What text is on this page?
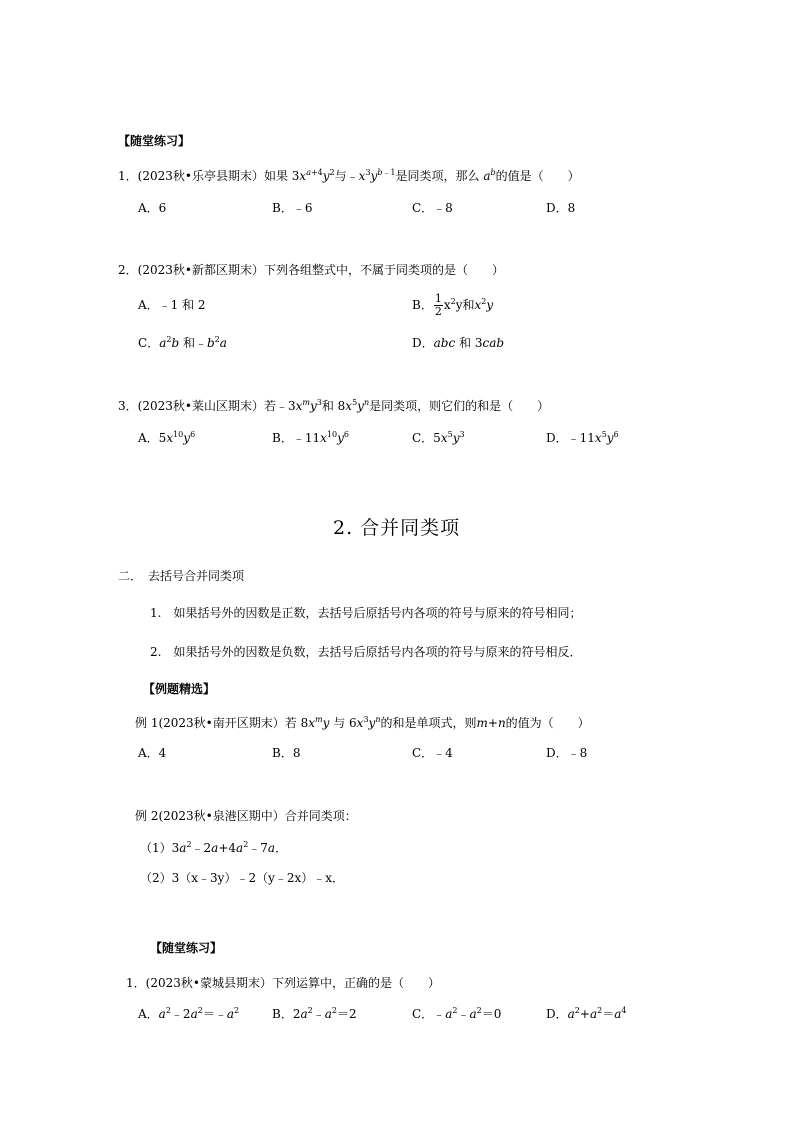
【随堂练习】
1．(2023秋•乐亭县期末）如果 $3x^{a+4}y^2$与$﹣x^3y^{b﹣1}$是同类项，那么 $a^b$的值是（　　）
A．6	B．﹣6	C．﹣8	D．8
2．(2023秋•新都区期末）下列各组整式中，不属于同类项的是（　　）
A．﹣1 和 2	B． $\frac{1}{2} x^2y$和$x^2y$
C．$a^2b$ 和$﹣b^2a$	D．abc 和 3cab
3．(2023秋•莱山区期末）若$﹣3x^my^3$和 $8x^5y^n$是同类项，则它们的和是（　　）
A．$5x^{10}y^6$	B．$﹣11x^{10}y^6$	C．$5x^5y^3$	D．$﹣11x^5y^6$
2. 合并同类项
二．　去括号合并同类项
1.　如果括号外的因数是正数，去括号后原括号内各项的符号与原来的符号相同；
2.　如果括号外的因数是负数，去括号后原括号内各项的符号与原来的符号相反．
【例题精选】
例 1(2023秋•南开区期末）若 $8x^my$ 与 $6x^3y^n$的和是单项式，则m+n的值为（　　）
A．4	B．8	C．﹣4	D．﹣8
例 2(2023秋•泉港区期中）合并同类项：
$(1)3a^2﹣2a+4a^2﹣7a$．
（2）3（x﹣3y）﹣2（y﹣2x）﹣x．
【随堂练习】
1．(2023秋•蒙城县期末）下列运算中，正确的是（　　）
A．$a^2﹣2a^2=﹣a^2$	B．$2a^2﹣a^2=2$	C．$﹣a^2﹣a^2=0$	D．$a^2+a^2=a^4$
